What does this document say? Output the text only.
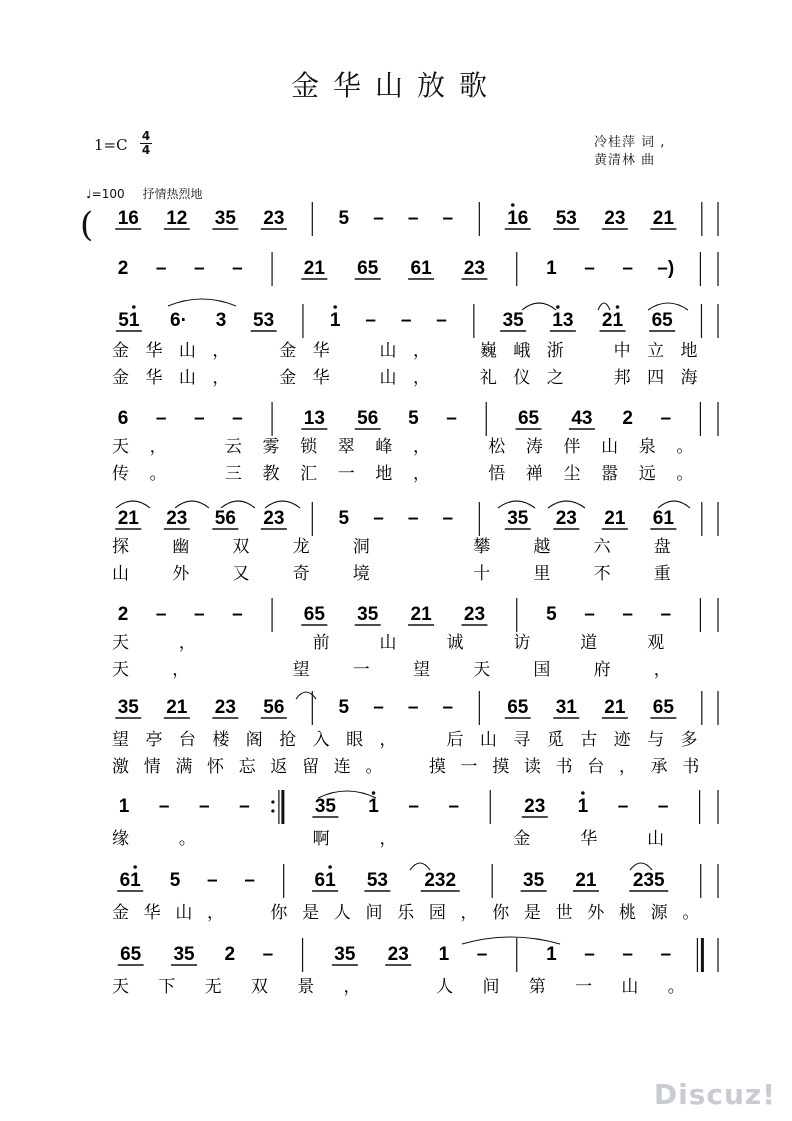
金华山放歌
1=C 4
4	冷桂萍 词 ,
黄清林 曲
♩=100 抒情热烈地
(
Discuz!
16 12 35 23	5 – – –	16 53 23 21
2 – – –	21 65 61 23	1 – – –)
51 6· 3 53	1 – – –	35 13 21 65
金 华 山 ，	金 华	山 ，	巍 峨 浙	中 立 地
金 华 山 ，	金 华	山 ，	礼 仪 之	邦 四 海
6 – – –	13 56 5 –	65 43 2 –
天 ，	云 雾 锁 翠 峰 ，	松 涛 伴 山 泉 。
传 。	三 教 汇 一 地 ，	悟 禅 尘 嚣 远 。
21 23 56 23	5 – – –	35 23 21 61
探	幽	双	龙	洞	攀	越	六	盘
山	外	又	奇	境	十	里	不	重
2 – – –	65 35 21 23	5 – – –
天	，	前	山	诚	访	道	观
天	，	望	一	望	天	国	府	，
35 21 23 56	5 – – –	65 31 21 65
望 亭 台 楼 阁 抢 入 眼 ，	后 山 寻 觅 古 迹 与 多
激 情 满 怀 忘 返 留 连 。	摸 一 摸 读 书 台 ， 承 书
1 – – –	35 1 – –	23 1 – –
缘	。	啊	，	金	华	山
61 5 – –	61 53 232	35 21 235
金 华 山 ，	你 是 人 间 乐 园 ， 你 是 世 外 桃 源 。
65 35 2 –	35 23 1 –	1 – – –
天 下 无 双 景 ，	人 间 第 一 山 。
